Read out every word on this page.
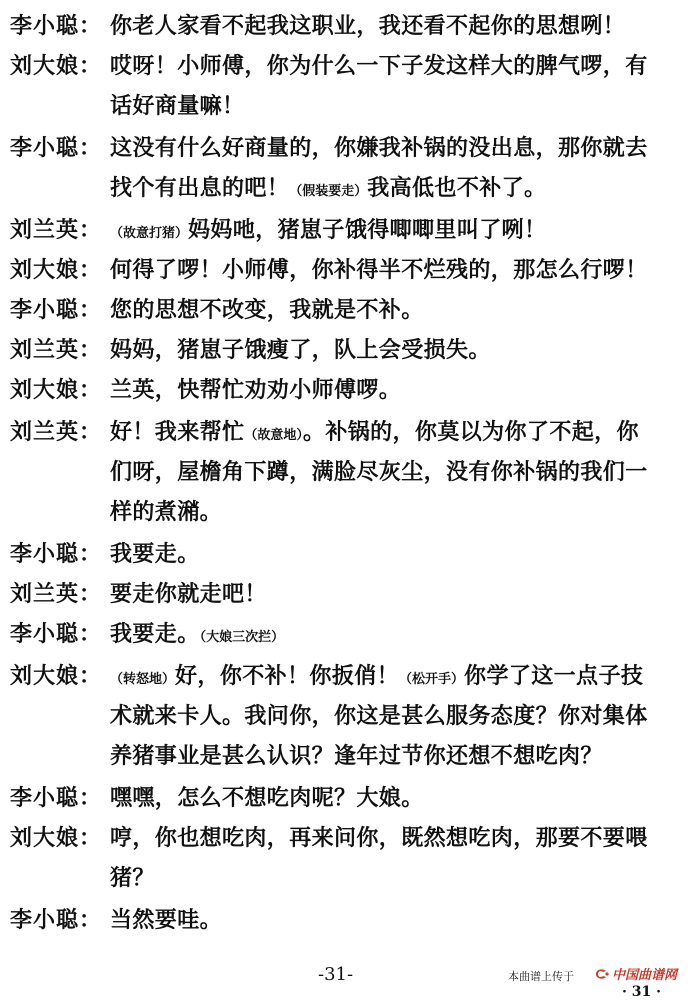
李小聪： 你老人家看不起我这职业，我还看不起你的思想咧！
刘大娘： 哎呀！小师傅，你为什么一下子发这样大的脾气啰，有
话好商量嘛！
李小聪： 这没有什么好商量的，你嫌我补锅的没出息，那你就去
找个有出息的吧！（假装要走）我高低也不补了。
刘兰英： （故意打猪）妈妈吔，猪崽子饿得唧唧里叫了咧！
刘大娘： 何得了啰！小师傅，你补得半不烂残的，那怎么行啰！
李小聪： 您的思想不改变，我就是不补。
刘兰英： 妈妈，猪崽子饿瘦了，队上会受损失。
刘大娘： 兰英，快帮忙劝劝小师傅啰。
刘兰英： 好！我来帮忙（故意地）。补锅的，你莫以为你了不起，你
们呀，屋檐角下蹲，满脸尽灰尘，没有你补锅的我们一
样的煮潲。
李小聪： 我要走。
刘兰英： 要走你就走吧！
李小聪： 我要走。（大娘三次拦）
刘大娘： （转怒地）好，你不补！你扳俏！（松开手）你学了这一点子技
术就来卡人。我问你，你这是甚么服务态度？你对集体
养猪事业是甚么认识？逢年过节你还想不想吃肉？
李小聪： 嘿嘿，怎么不想吃肉呢？大娘。
刘大娘： 哼，你也想吃肉，再来问你，既然想吃肉，那要不要喂
猪？
李小聪： 当然要哇。
-31-	本曲谱上传于	中国曲谱网
· 31 ·
